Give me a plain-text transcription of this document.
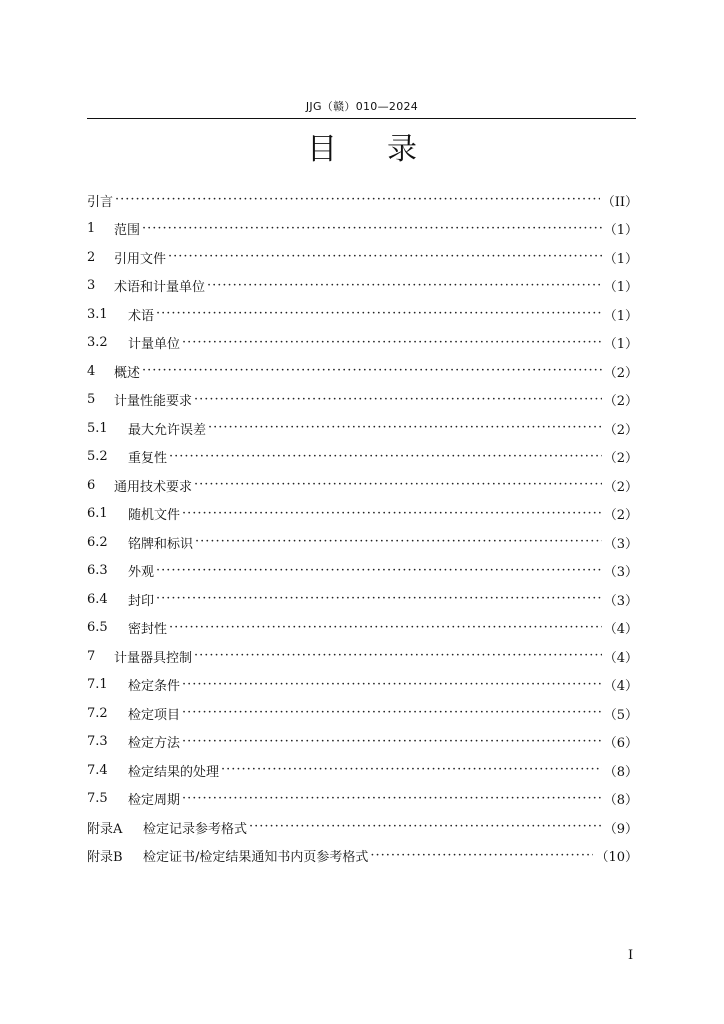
JJG（赣）010—2024
目录
引言 ·····	（II）
1	范围 ·····	（1）
2	引用文件 ·····	（1）
3	术语和计量单位 ·····	（1）
3.1	术语 ·····	（1）
3.2	计量单位 ·····	（1）
4	概述 ·····	（2）
5	计量性能要求 ·····	（2）
5.1	最大允许误差 ·····	（2）
5.2	重复性 ·····	（2）
6	通用技术要求 ·····	（2）
6.1	随机文件 ·····	（2）
6.2	铭牌和标识 ·····	（3）
6.3	外观 ·····	（3）
6.4	封印 ·····	（3）
6.5	密封性 ·····	（4）
7	计量器具控制 ·····	（4）
7.1	检定条件 ·····	（4）
7.2	检定项目 ·····	（5）
7.3	检定方法 ·····	（6）
7.4	检定结果的处理 ·····	（8）
7.5	检定周期 ·····	（8）
附录A	检定记录参考格式 ·····	（9）
附录B	检定证书/检定结果通知书内页参考格式 ·····	（10）
I
